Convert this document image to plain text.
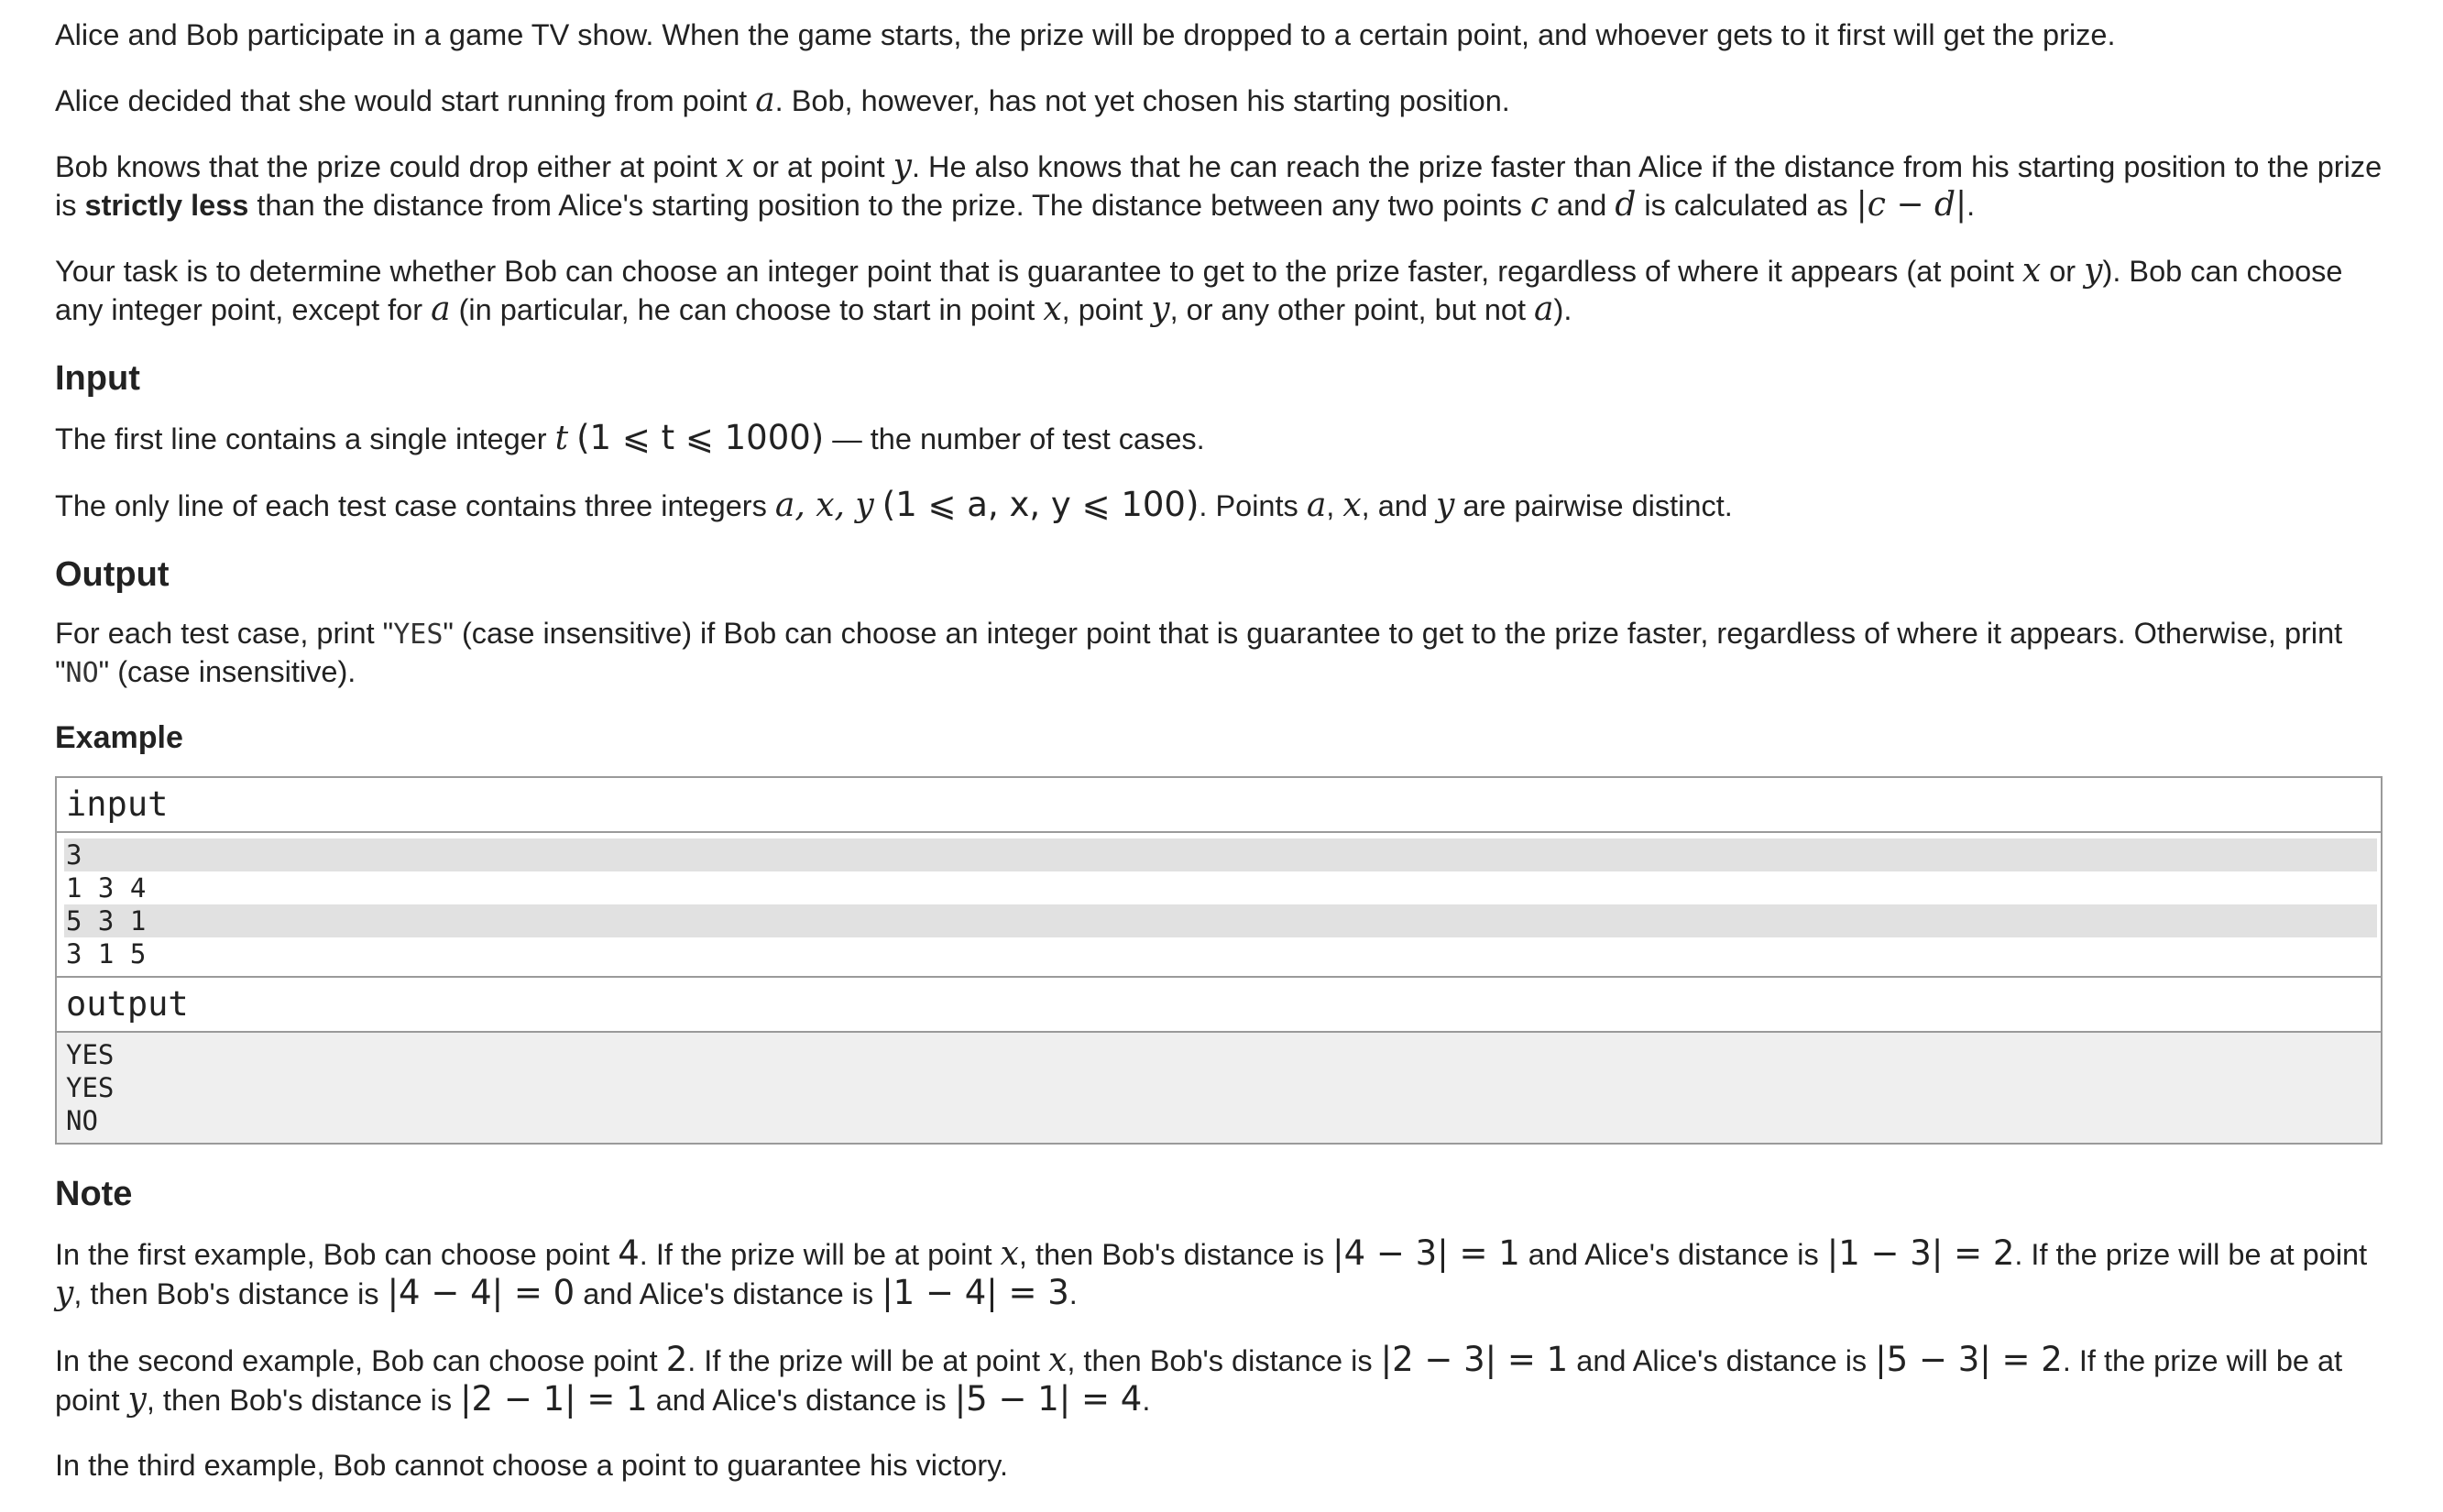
Alice and Bob participate in a game TV show. When the game starts, the prize will be dropped to a certain point, and whoever gets to it first will get the prize.

Alice decided that she would start running from point a. Bob, however, has not yet chosen his starting position.

Bob knows that the prize could drop either at point x or at point y. He also knows that he can reach the prize faster than Alice if the distance from his starting position to the prize is strictly less than the distance from Alice's starting position to the prize. The distance between any two points c and d is calculated as |c − d|.

Your task is to determine whether Bob can choose an integer point that is guarantee to get to the prize faster, regardless of where it appears (at point x or y). Bob can choose any integer point, except for a (in particular, he can choose to start in point x, point y, or any other point, but not a).

Input

The first line contains a single integer t (1 ⩽ t ⩽ 1000) — the number of test cases.

The only line of each test case contains three integers a, x, y (1 ⩽ a, x, y ⩽ 100). Points a, x, and y are pairwise distinct.

Output

For each test case, print "YES" (case insensitive) if Bob can choose an integer point that is guarantee to get to the prize faster, regardless of where it appears. Otherwise, print "NO" (case insensitive).

Example
input
3
1 3 4
5 3 1
3 1 5
output
YES
YES
NO
Note

In the first example, Bob can choose point 4. If the prize will be at point x, then Bob's distance is |4 − 3| = 1 and Alice's distance is |1 − 3| = 2. If the prize will be at point y, then Bob's distance is |4 − 4| = 0 and Alice's distance is |1 − 4| = 3.

In the second example, Bob can choose point 2. If the prize will be at point x, then Bob's distance is |2 − 3| = 1 and Alice's distance is |5 − 3| = 2. If the prize will be at point y, then Bob's distance is |2 − 1| = 1 and Alice's distance is |5 − 1| = 4.

In the third example, Bob cannot choose a point to guarantee his victory.
